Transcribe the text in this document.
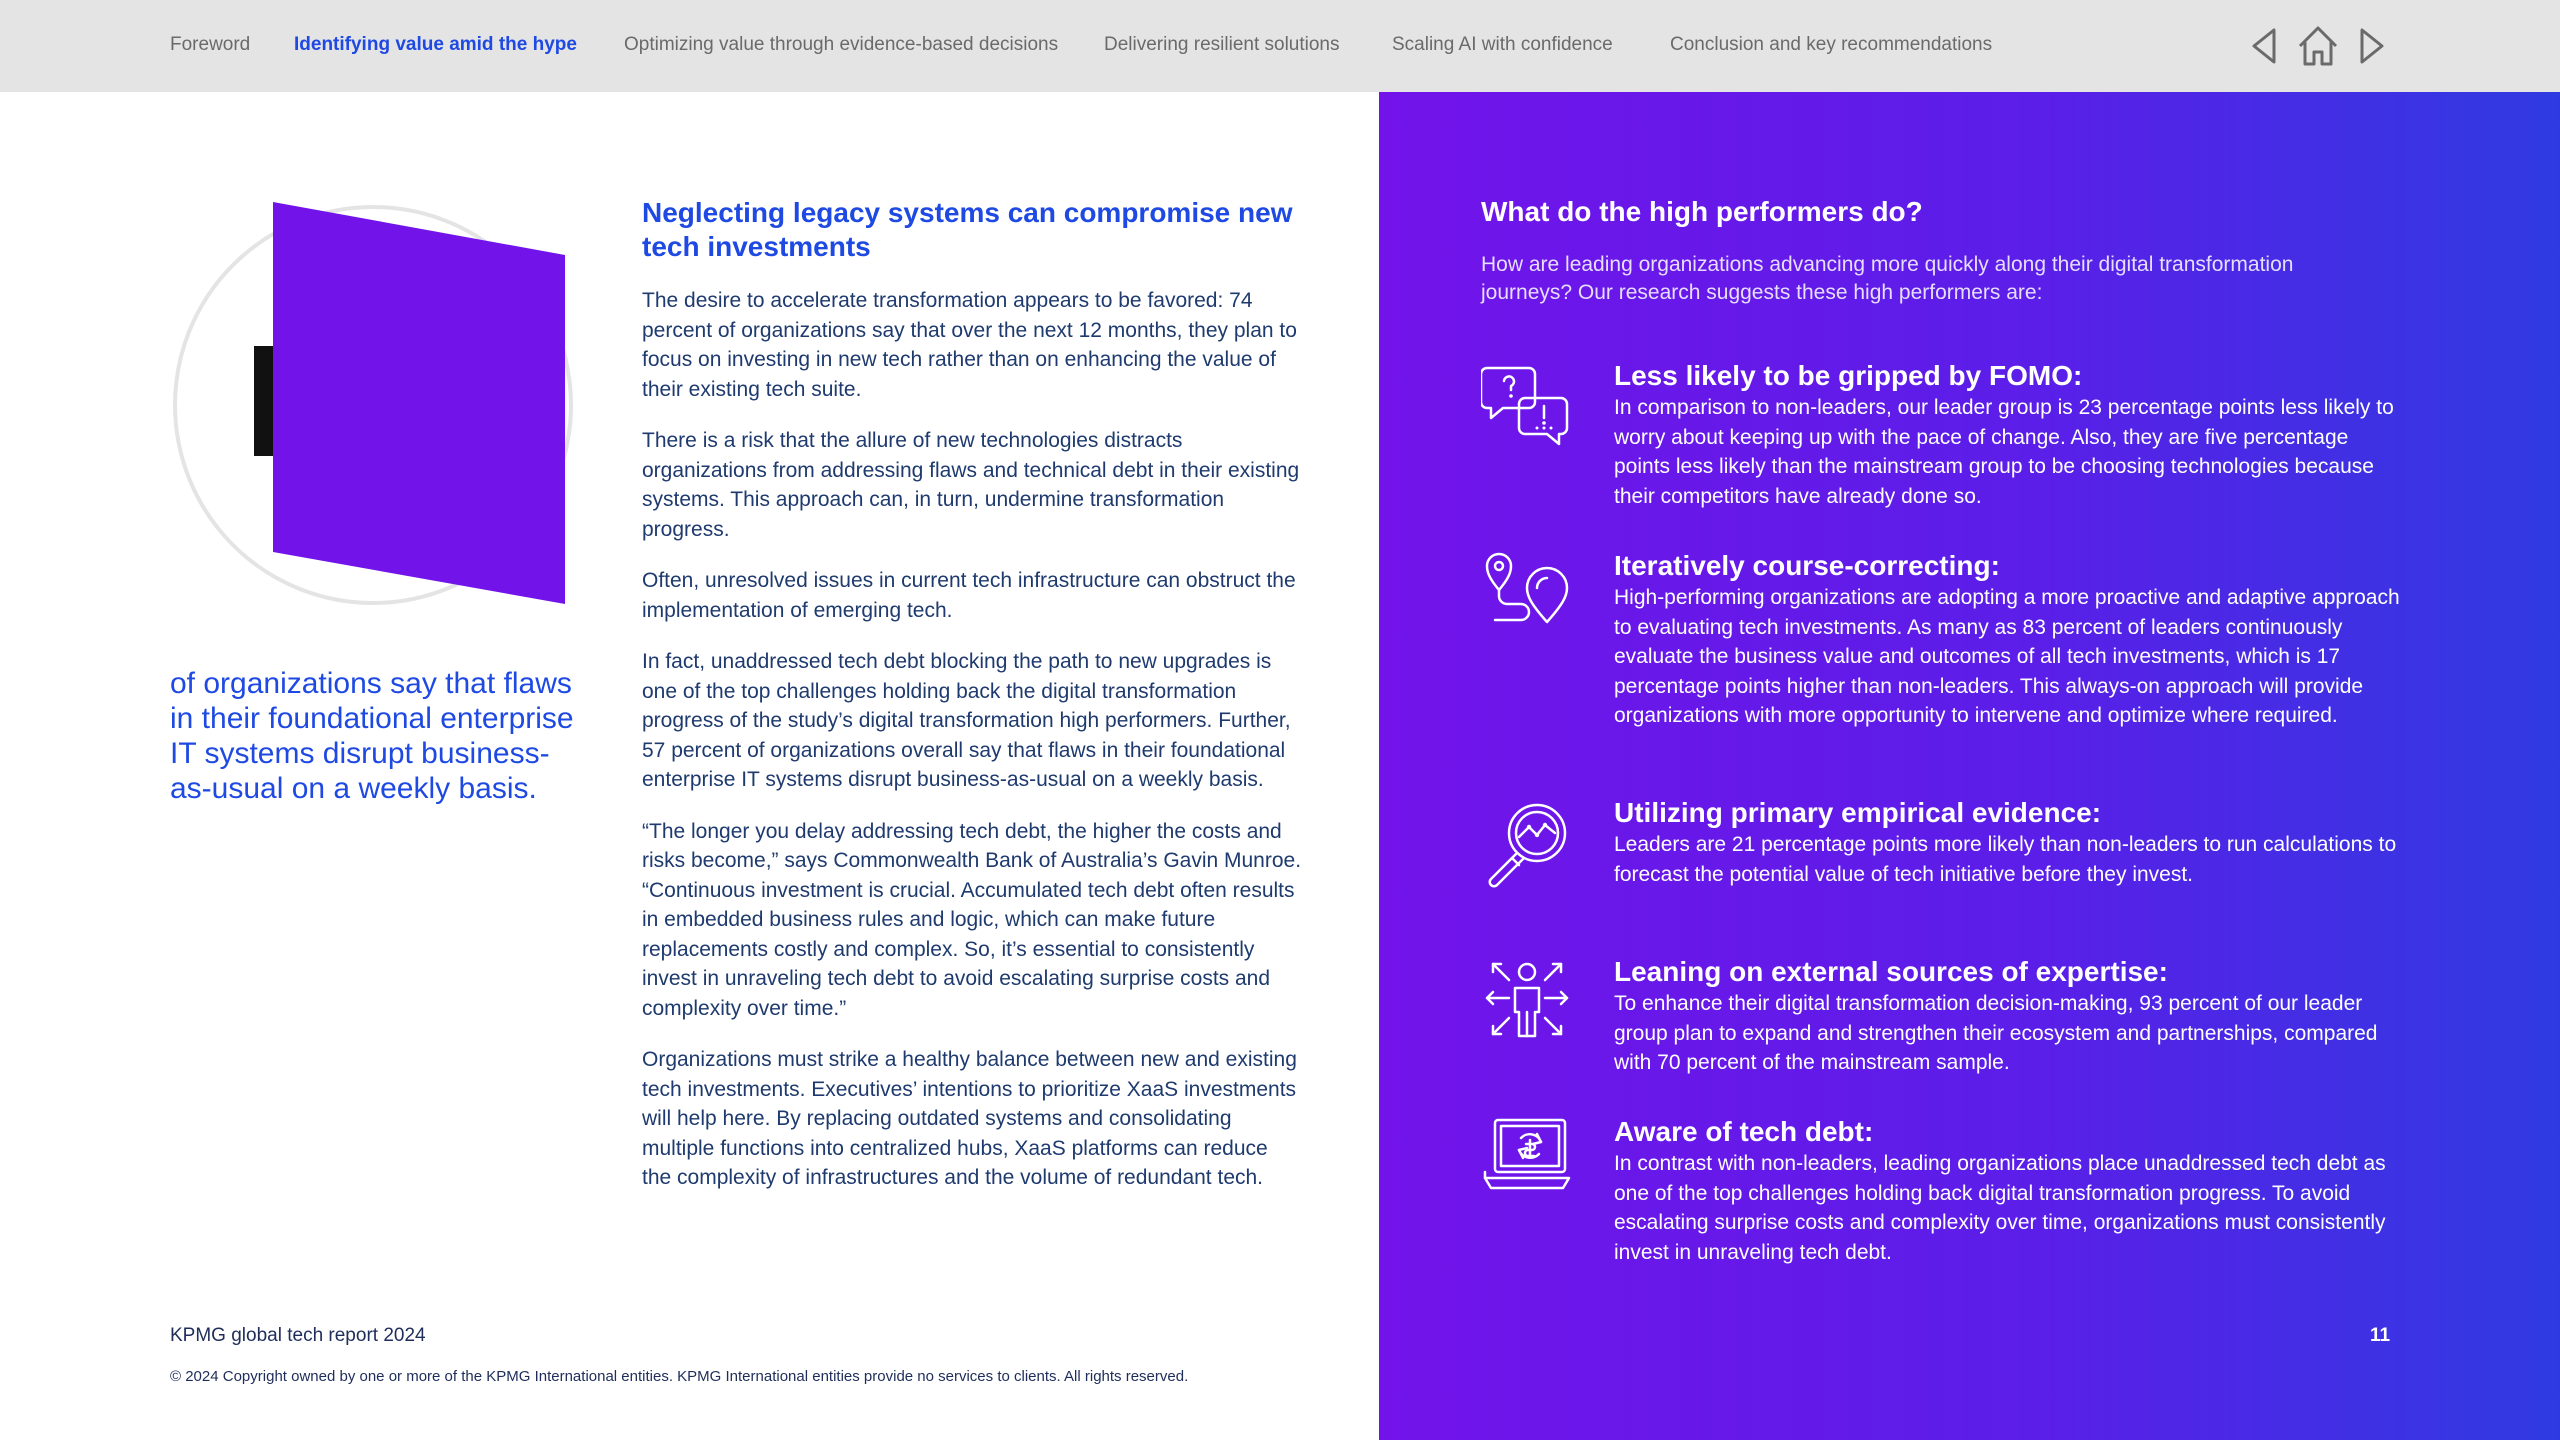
Foreword Identifying value amid the hype Optimizing value through evidence-based decisions Delivering resilient solutions	Scaling AI with confidence	Conclusion and key recommendations
of organizations say that flaws in their foundational enterprise IT systems disrupt business-as-usual on a weekly basis.
Neglecting legacy systems can compromise new tech investments

The desire to accelerate transformation appears to be favored: 74 percent of organizations say that over the next 12 months, they plan to focus on investing in new tech rather than on enhancing the value of their existing tech suite.

There is a risk that the allure of new technologies distracts organizations from addressing flaws and technical debt in their existing systems. This approach can, in turn, undermine transformation progress.

Often, unresolved issues in current tech infrastructure can obstruct the implementation of emerging tech.

In fact, unaddressed tech debt blocking the path to new upgrades is one of the top challenges holding back the digital transformation progress of the study’s digital transformation high performers. Further, 57 percent of organizations overall say that flaws in their foundational enterprise IT systems disrupt business-as-usual on a weekly basis.

“The longer you delay addressing tech debt, the higher the costs and risks become,” says Commonwealth Bank of Australia’s Gavin Munroe. “Continuous investment is crucial. Accumulated tech debt often results in embedded business rules and logic, which can make future replacements costly and complex. So, it’s essential to consistently invest in unraveling tech debt to avoid escalating surprise costs and complexity over time.”

Organizations must strike a healthy balance between new and existing tech investments. Executives’ intentions to prioritize XaaS investments will help here. By replacing outdated systems and consolidating multiple functions into centralized hubs, XaaS platforms can reduce the complexity of infrastructures and the volume of redundant tech.

KPMG global tech report 2024
© 2024 Copyright owned by one or more of the KPMG International entities. KPMG International entities provide no services to clients. All rights reserved.
What do the high performers do?
How are leading organizations advancing more quickly along their digital transformation journeys? Our research suggests these high performers are:
Less likely to be gripped by FOMO:
In comparison to non-leaders, our leader group is 23 percentage points less likely to worry about keeping up with the pace of change. Also, they are five percentage points less likely than the mainstream group to be choosing technologies because their competitors have already done so.
Iteratively course-correcting:
High-performing organizations are adopting a more proactive and adaptive approach to evaluating tech investments. As many as 83 percent of leaders continuously evaluate the business value and outcomes of all tech investments, which is 17 percentage points higher than non-leaders. This always-on approach will provide organizations with more opportunity to intervene and optimize where required.
Utilizing primary empirical evidence:
Leaders are 21 percentage points more likely than non-leaders to run calculations to forecast the potential value of tech initiative before they invest.
Leaning on external sources of expertise:
To enhance their digital transformation decision-making, 93 percent of our leader group plan to expand and strengthen their ecosystem and partnerships, compared with 70 percent of the mainstream sample.
Aware of tech debt:
In contrast with non-leaders, leading organizations place unaddressed tech debt as one of the top challenges holding back digital transformation progress. To avoid escalating surprise costs and complexity over time, organizations must consistently invest in unraveling tech debt.
11
